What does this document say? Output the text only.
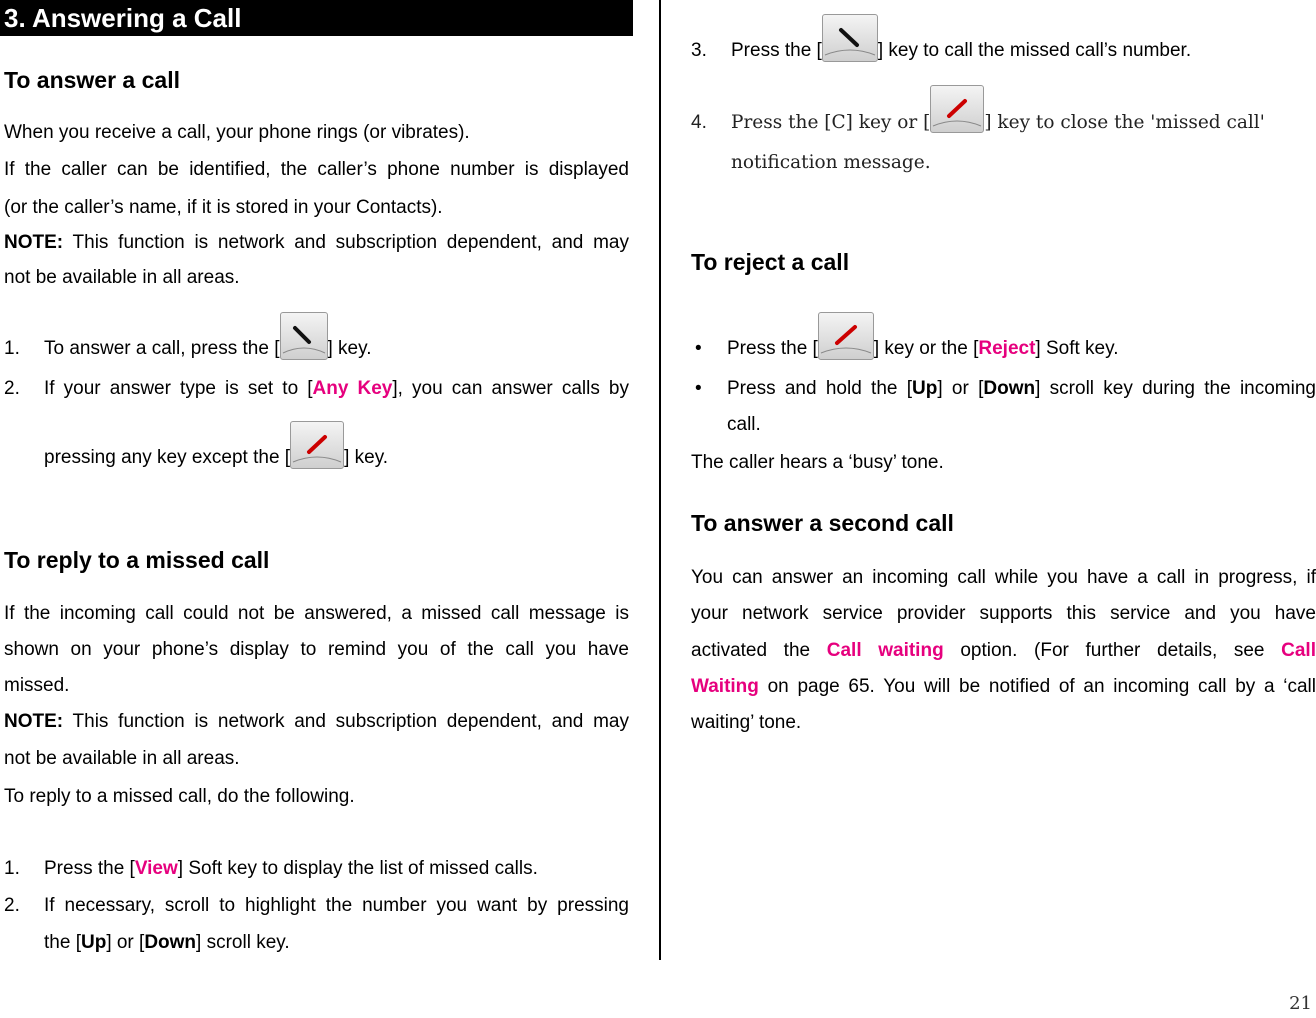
3. Answering a Call
To answer a call
When you receive a call, your phone rings (or vibrates).
If the caller can be identified, the caller’s phone number is displayed
(or the caller’s name, if it is stored in your Contacts).
NOTE: This function is network and subscription dependent, and may
not be available in all areas.
1. To answer a call, press the [	] key.
2. If your answer type is set to [Any Key], you can answer calls by
pressing any key except the [	] key.
To reply to a missed call
If the incoming call could not be answered, a missed call message is
shown on your phone’s display to remind you of the call you have
missed.
NOTE: This function is network and subscription dependent, and may
not be available in all areas.
To reply to a missed call, do the following.
1. Press the [View] Soft key to display the list of missed calls.
2. If necessary, scroll to highlight the number you want by pressing
the [Up] or [Down] scroll key.
3. Press the [	] key to call the missed call’s number.
4. Press the [C] key or [	] key to close the 'missed call'
notification message.
To reject a call
• Press the [	] key or the [Reject] Soft key.
• Press and hold the [Up] or [Down] scroll key during the incoming
call.
The caller hears a ‘busy’ tone.
To answer a second call
You can answer an incoming call while you have a call in progress, if
your network service provider supports this service and you have
activated the Call waiting option. (For further details, see Call
Waiting on page 65. You will be notified of an incoming call by a ‘call
waiting’ tone.
21
